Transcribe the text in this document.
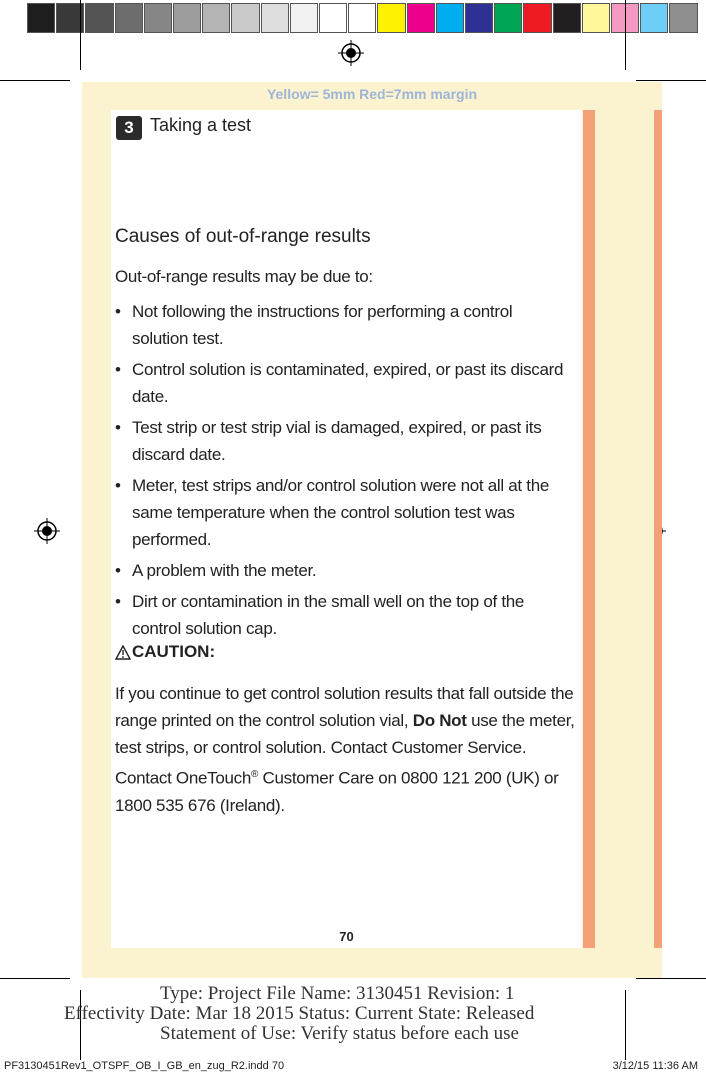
Yellow= 5mm Red=7mm margin
3 Taking a test
Causes of out-of-range results
Out-of-range results may be due to:
• Not following the instructions for performing a control solution test.
• Control solution is contaminated, expired, or past its discard date.
• Test strip or test strip vial is damaged, expired, or past its discard date.
• Meter, test strips and/or control solution were not all at the same temperature when the control solution test was performed.
• A problem with the meter.
• Dirt or contamination in the small well on the top of the control solution cap.
CAUTION:
If you continue to get control solution results that fall outside the range printed on the control solution vial, Do Not use the meter, test strips, or control solution. Contact Customer Service. Contact OneTouch® Customer Care on 0800 121 200 (UK) or 1800 535 676 (Ireland).
70
Type: Project File Name: 3130451 Revision: 1
Effectivity Date: Mar 18 2015 Status: Current State: Released
Statement of Use: Verify status before each use
PF3130451Rev1_OTSPF_OB_I_GB_en_zug_R2.indd 70	3/12/15 11:36 AM
